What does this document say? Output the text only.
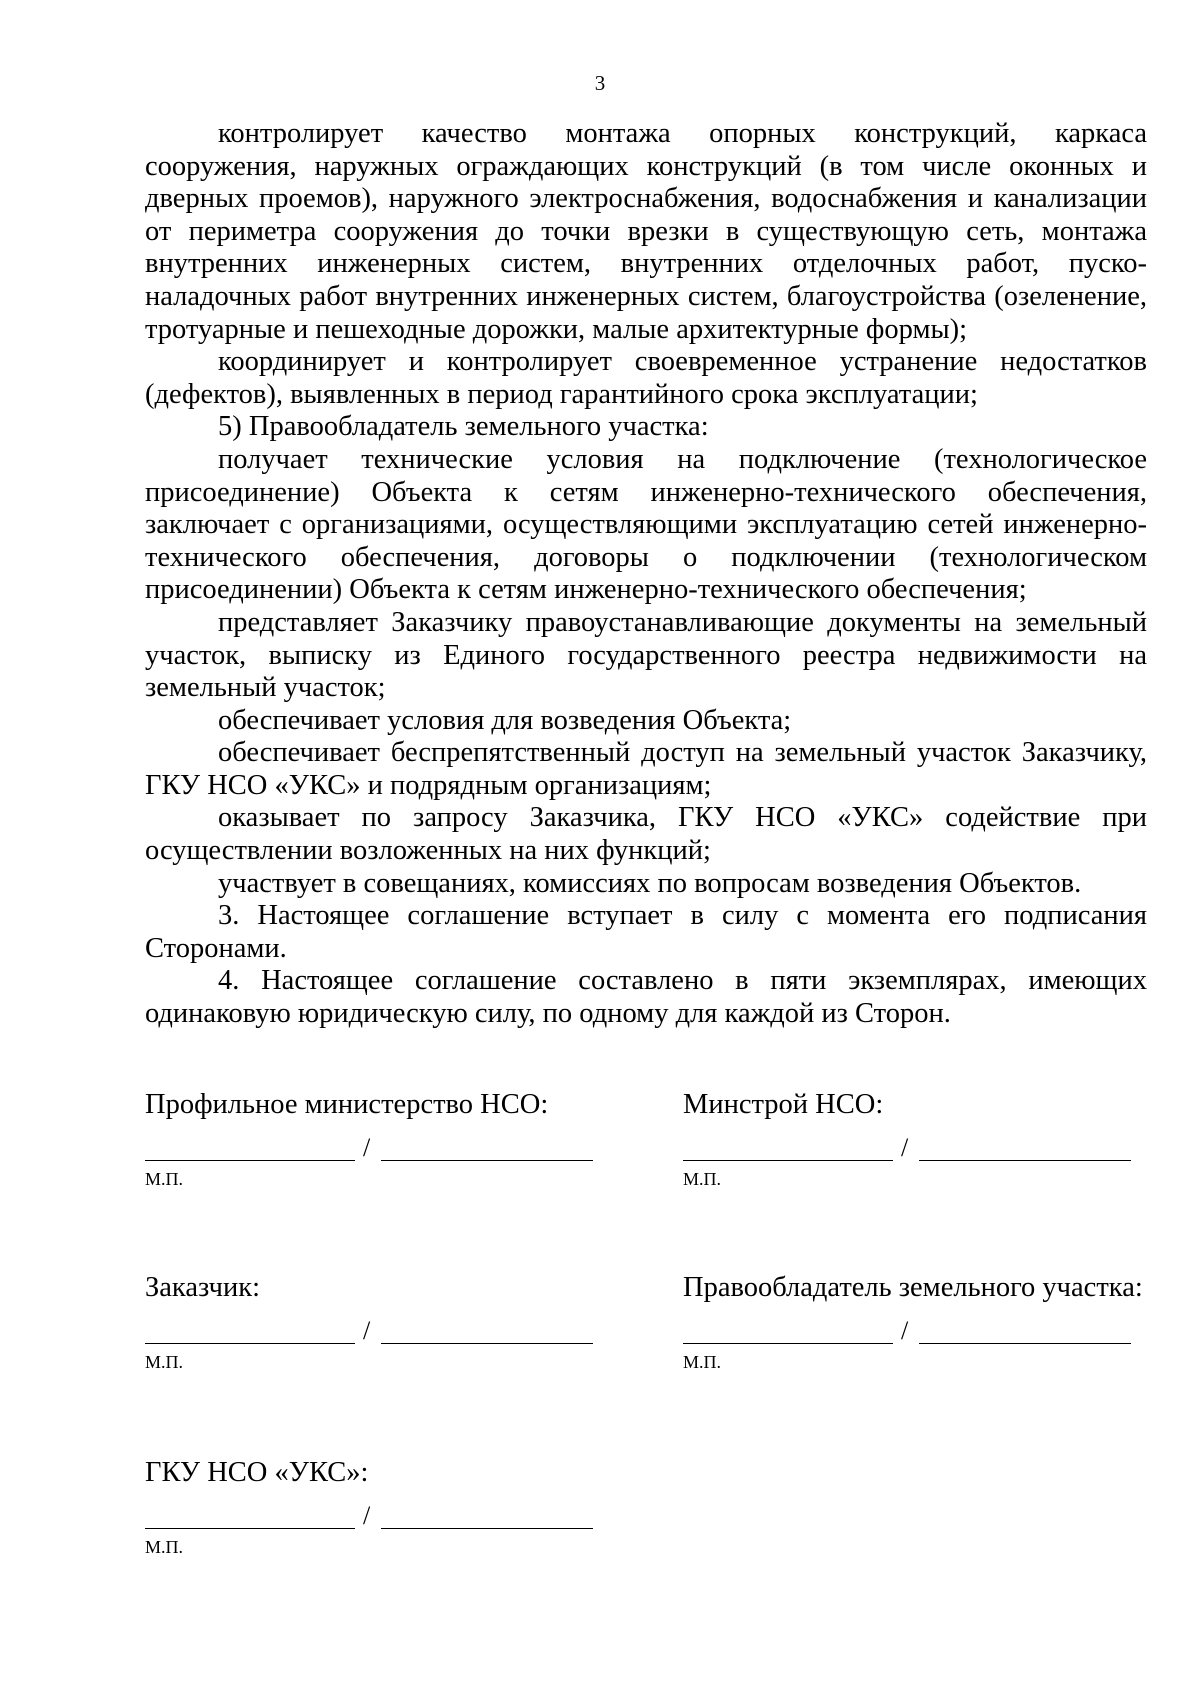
3

контролирует качество монтажа опорных конструкций, каркаса сооружения, наружных ограждающих конструкций (в том числе оконных и дверных проемов), наружного электроснабжения, водоснабжения и канализации от периметра сооружения до точки врезки в существующую сеть, монтажа внутренних инженерных систем, внутренних отделочных работ, пуско-наладочных работ внутренних инженерных систем, благоустройства (озеленение, тротуарные и пешеходные дорожки, малые архитектурные формы);

координирует и контролирует своевременное устранение недостатков (дефектов), выявленных в период гарантийного срока эксплуатации;

5) Правообладатель земельного участка:

получает технические условия на подключение (технологическое присоединение) Объекта к сетям инженерно-технического обеспечения, заключает с организациями, осуществляющими эксплуатацию сетей инженерно-технического обеспечения, договоры о подключении (технологическом присоединении) Объекта к сетям инженерно-технического обеспечения;

представляет Заказчику правоустанавливающие документы на земельный участок, выписку из Единого государственного реестра недвижимости на земельный участок;

обеспечивает условия для возведения Объекта;

обеспечивает беспрепятственный доступ на земельный участок Заказчику, ГКУ НСО «УКС» и подрядным организациям;

оказывает по запросу Заказчика, ГКУ НСО «УКС» содействие при осуществлении возложенных на них функций;

участвует в совещаниях, комиссиях по вопросам возведения Объектов.

3. Настоящее соглашение вступает в силу с момента его подписания Сторонами.

4. Настоящее соглашение составлено в пяти экземплярах, имеющих одинаковую юридическую силу, по одному для каждой из Сторон.

Профильное министерство НСО:
/
М.П.
Минстрой НСО:
/
М.П.
Заказчик:
/
М.П.
Правообладатель земельного участка:
/
М.П.
ГКУ НСО «УКС»:
/
М.П.
